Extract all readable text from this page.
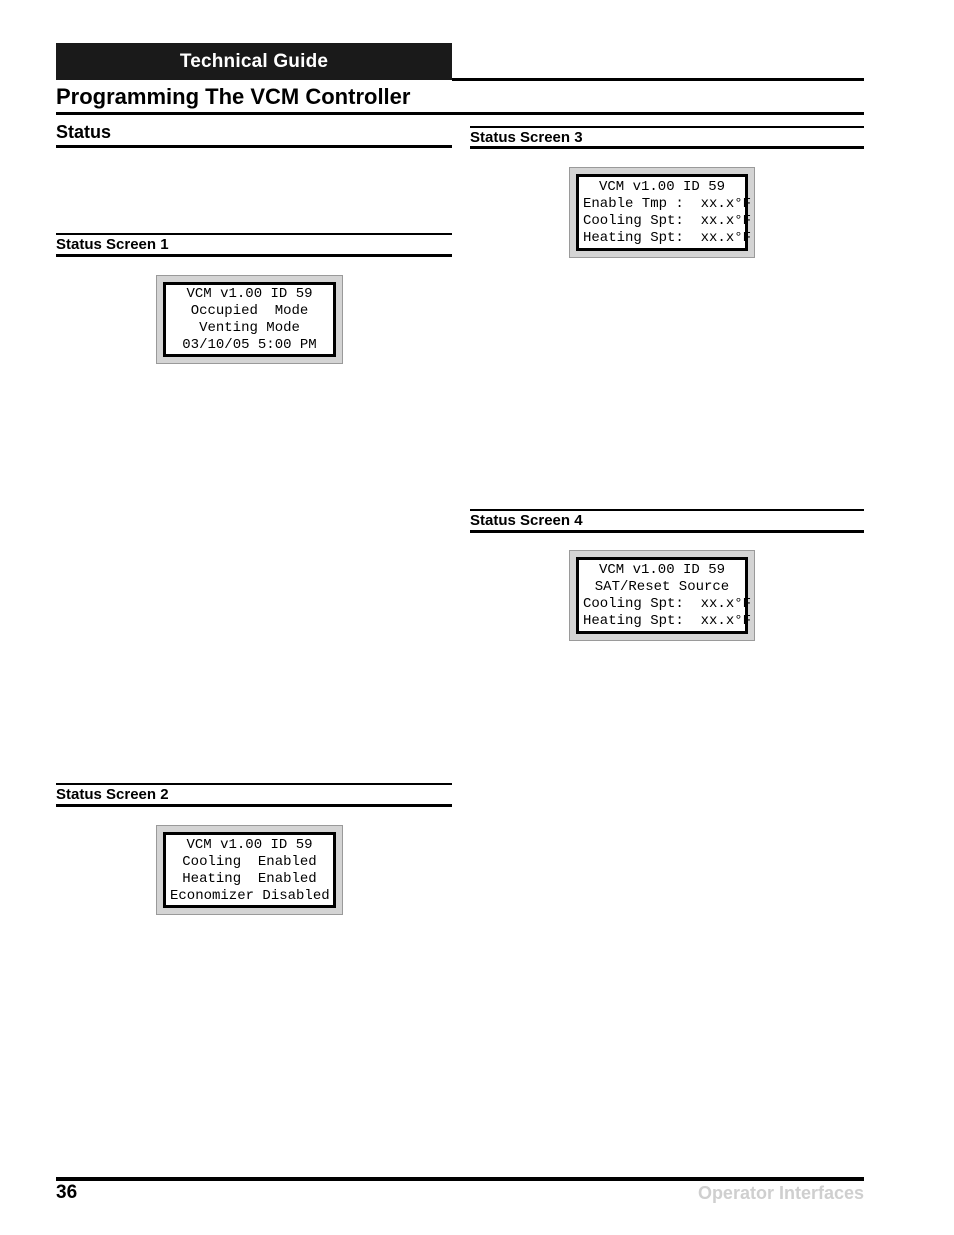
Technical Guide
Programming The VCM Controller
Status
Status Screen 1
VCM v1.00 ID 59
Occupied  Mode
Venting Mode
03/10/05 5:00 PM
Status Screen 2
VCM v1.00 ID 59
Cooling  Enabled
Heating  Enabled
Economizer Disabled
Status Screen 3
VCM v1.00 ID 59
Enable Tmp :  xx.x°F
Cooling Spt:  xx.x°F
Heating Spt:  xx.x°F
Status Screen 4
VCM v1.00 ID 59
SAT/Reset Source
Cooling Spt:  xx.x°F
Heating Spt:  xx.x°F
36	Operator Interfaces
